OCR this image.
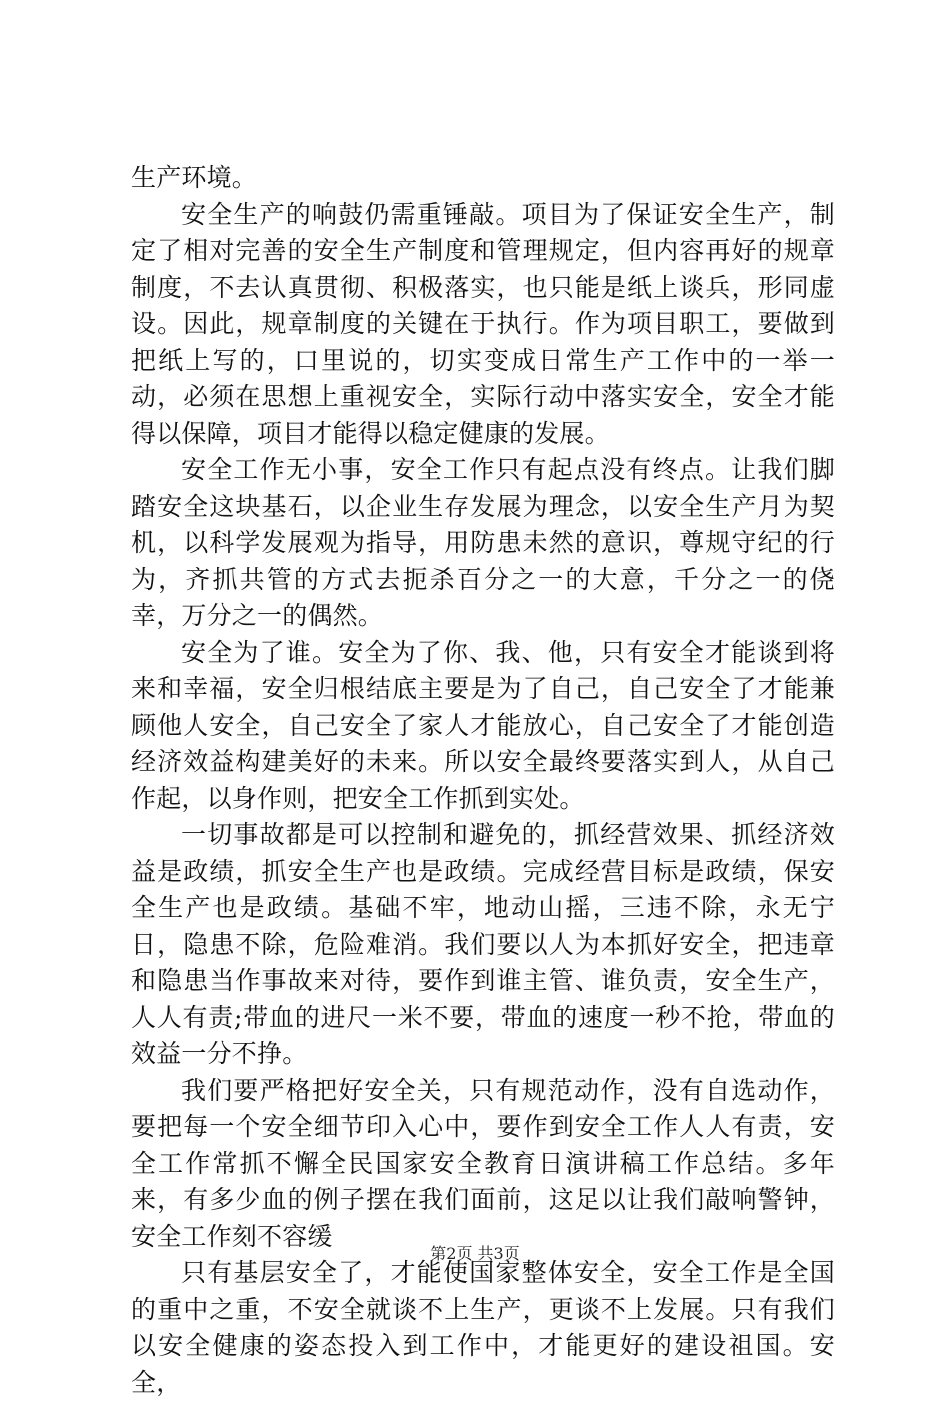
生产环境。

安全生产的响鼓仍需重锤敲。项目为了保证安全生产，制定了相对完善的安全生产制度和管理规定，但内容再好的规章制度，不去认真贯彻、积极落实，也只能是纸上谈兵，形同虚设。因此，规章制度的关键在于执行。作为项目职工，要做到把纸上写的，口里说的，切实变成日常生产工作中的一举一动，必须在思想上重视安全，实际行动中落实安全，安全才能得以保障，项目才能得以稳定健康的发展。

安全工作无小事，安全工作只有起点没有终点。让我们脚踏安全这块基石，以企业生存发展为理念，以安全生产月为契机，以科学发展观为指导，用防患未然的意识，尊规守纪的行为，齐抓共管的方式去扼杀百分之一的大意，千分之一的侥幸，万分之一的偶然。

安全为了谁。安全为了你、我、他，只有安全才能谈到将来和幸福，安全归根结底主要是为了自己，自己安全了才能兼顾他人安全，自己安全了家人才能放心，自己安全了才能创造经济效益构建美好的未来。所以安全最终要落实到人，从自己作起，以身作则，把安全工作抓到实处。

一切事故都是可以控制和避免的，抓经营效果、抓经济效益是政绩，抓安全生产也是政绩。完成经营目标是政绩，保安全生产也是政绩。基础不牢，地动山摇，三违不除，永无宁日，隐患不除，危险难消。我们要以人为本抓好安全，把违章和隐患当作事故来对待，要作到谁主管、谁负责，安全生产，人人有责;带血的进尺一米不要，带血的速度一秒不抢，带血的效益一分不挣。

我们要严格把好安全关，只有规范动作，没有自选动作，要把每一个安全细节印入心中，要作到安全工作人人有责，安全工作常抓不懈全民国家安全教育日演讲稿工作总结。多年来，有多少血的例子摆在我们面前，这足以让我们敲响警钟，安全工作刻不容缓

只有基层安全了，才能使国家整体安全，安全工作是全国的重中之重，不安全就谈不上生产，更谈不上发展。只有我们以安全健康的姿态投入到工作中，才能更好的建设祖国。安全，

第2页 共3页
